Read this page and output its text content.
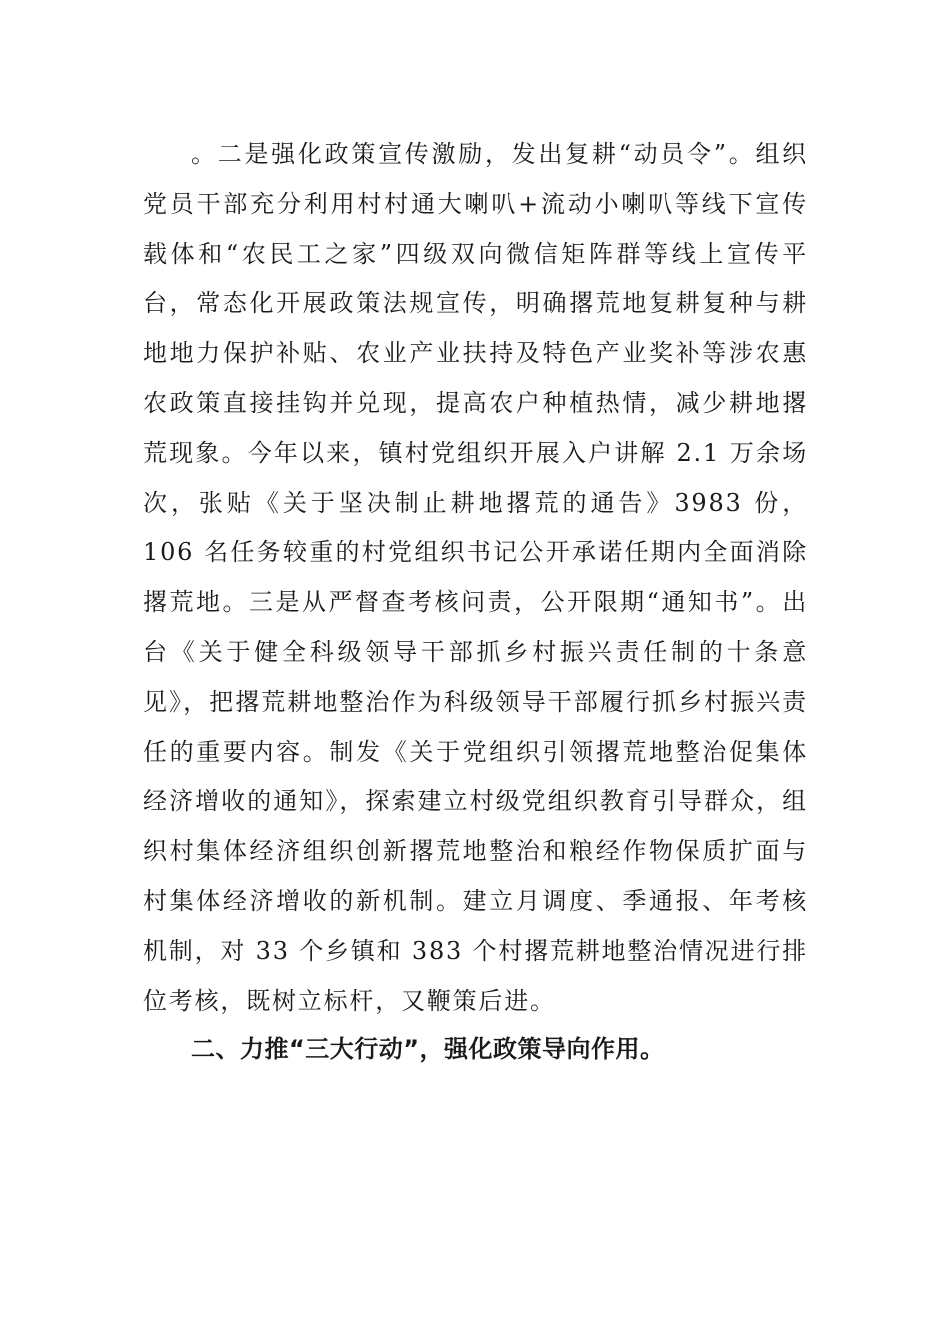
。二是强化政策宣传激励，发出复耕“动员令”。组织党员干部充分利用村村通大喇叭+流动小喇叭等线下宣传载体和“农民工之家”四级双向微信矩阵群等线上宣传平台，常态化开展政策法规宣传，明确撂荒地复耕复种与耕地地力保护补贴、农业产业扶持及特色产业奖补等涉农惠农政策直接挂钩并兑现，提高农户种植热情，减少耕地撂荒现象。今年以来，镇村党组织开展入户讲解 2.1 万余场次，张贴《关于坚决制止耕地撂荒的通告》3983 份，106 名任务较重的村党组织书记公开承诺任期内全面消除撂荒地。三是从严督查考核问责，公开限期“通知书”。出台《关于健全科级领导干部抓乡村振兴责任制的十条意见》，把撂荒耕地整治作为科级领导干部履行抓乡村振兴责任的重要内容。制发《关于党组织引领撂荒地整治促集体经济增收的通知》，探索建立村级党组织教育引导群众，组织村集体经济组织创新撂荒地整治和粮经作物保质扩面与村集体经济增收的新机制。建立月调度、季通报、年考核机制，对 33 个乡镇和 383 个村撂荒耕地整治情况进行排位考核，既树立标杆，又鞭策后进。

二、力推“三大行动”，强化政策导向作用。
